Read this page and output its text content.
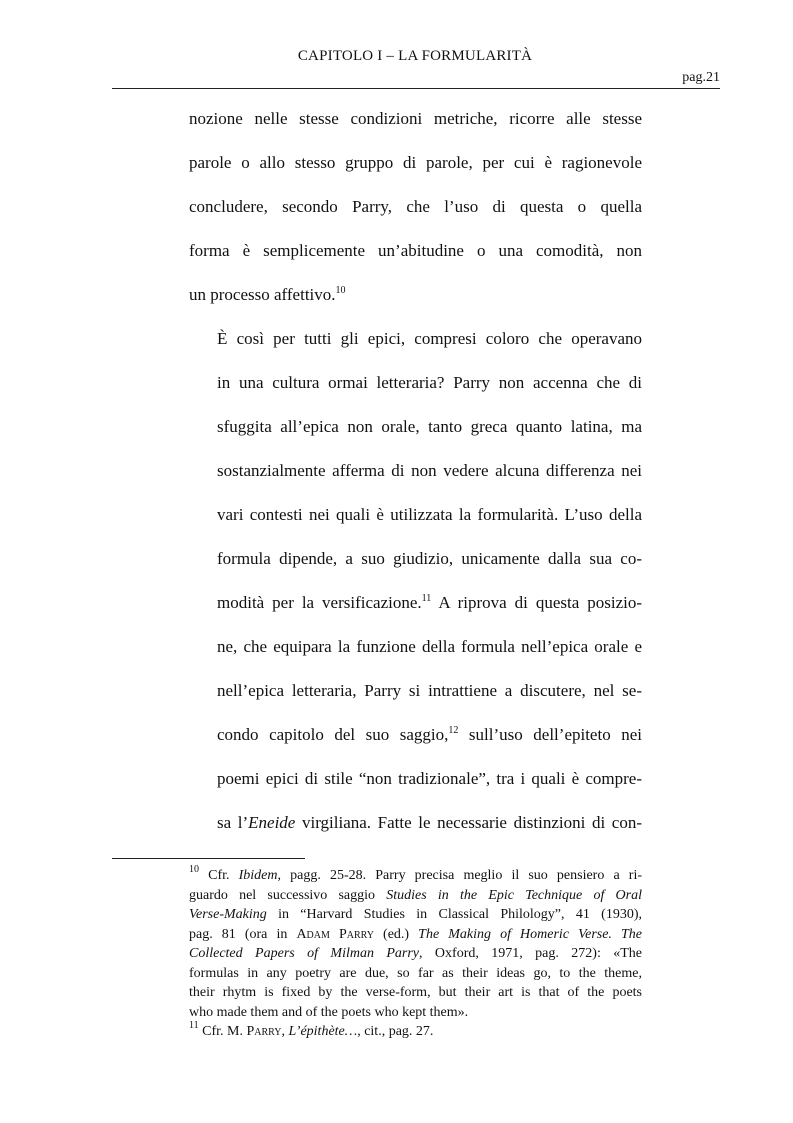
CAPITOLO I – LA FORMULARITÀ
pag.21

nozione nelle stesse condizioni metriche, ricorre alle stesse
parole o allo stesso gruppo di parole, per cui è ragionevole
concludere, secondo Parry, che l’uso di questa o quella
forma è semplicemente un’abitudine o una comodità, non
un processo affettivo.$^{10}$

È così per tutti gli epici, compresi coloro che operavano
in una cultura ormai letteraria? Parry non accenna che di
sfuggita all’epica non orale, tanto greca quanto latina, ma
sostanzialmente afferma di non vedere alcuna differenza nei
vari contesti nei quali è utilizzata la formularità. L’uso della
formula dipende, a suo giudizio, unicamente dalla sua co-
modità per la versificazione.$^{11}$ A riprova di questa posizio-
ne, che equipara la funzione della formula nell’epica orale e
nell’epica letteraria, Parry si intrattiene a discutere, nel se-
condo capitolo del suo saggio,$^{12}$ sull’uso dell’epiteto nei
poemi epici di stile “non tradizionale”, tra i quali è compre-
sa l’Eneide virgiliana. Fatte le necessarie distinzioni di con-

$^{10}$ Cfr. Ibidem, pagg. 25-28. Parry precisa meglio il suo pensiero a ri-
guardo nel successivo saggio Studies in the Epic Technique of Oral
Verse-Making in “Harvard Studies in Classical Philology”, 41 (1930),
pag. 81 (ora in Adam Parry (ed.) The Making of Homeric Verse. The
Collected Papers of Milman Parry, Oxford, 1971, pag. 272): «The
formulas in any poetry are due, so far as their ideas go, to the theme,
their rhytm is fixed by the verse-form, but their art is that of the poets
who made them and of the poets who kept them».

$^{11}$ Cfr. M. Parry, L’épithète…, cit., pag. 27.
